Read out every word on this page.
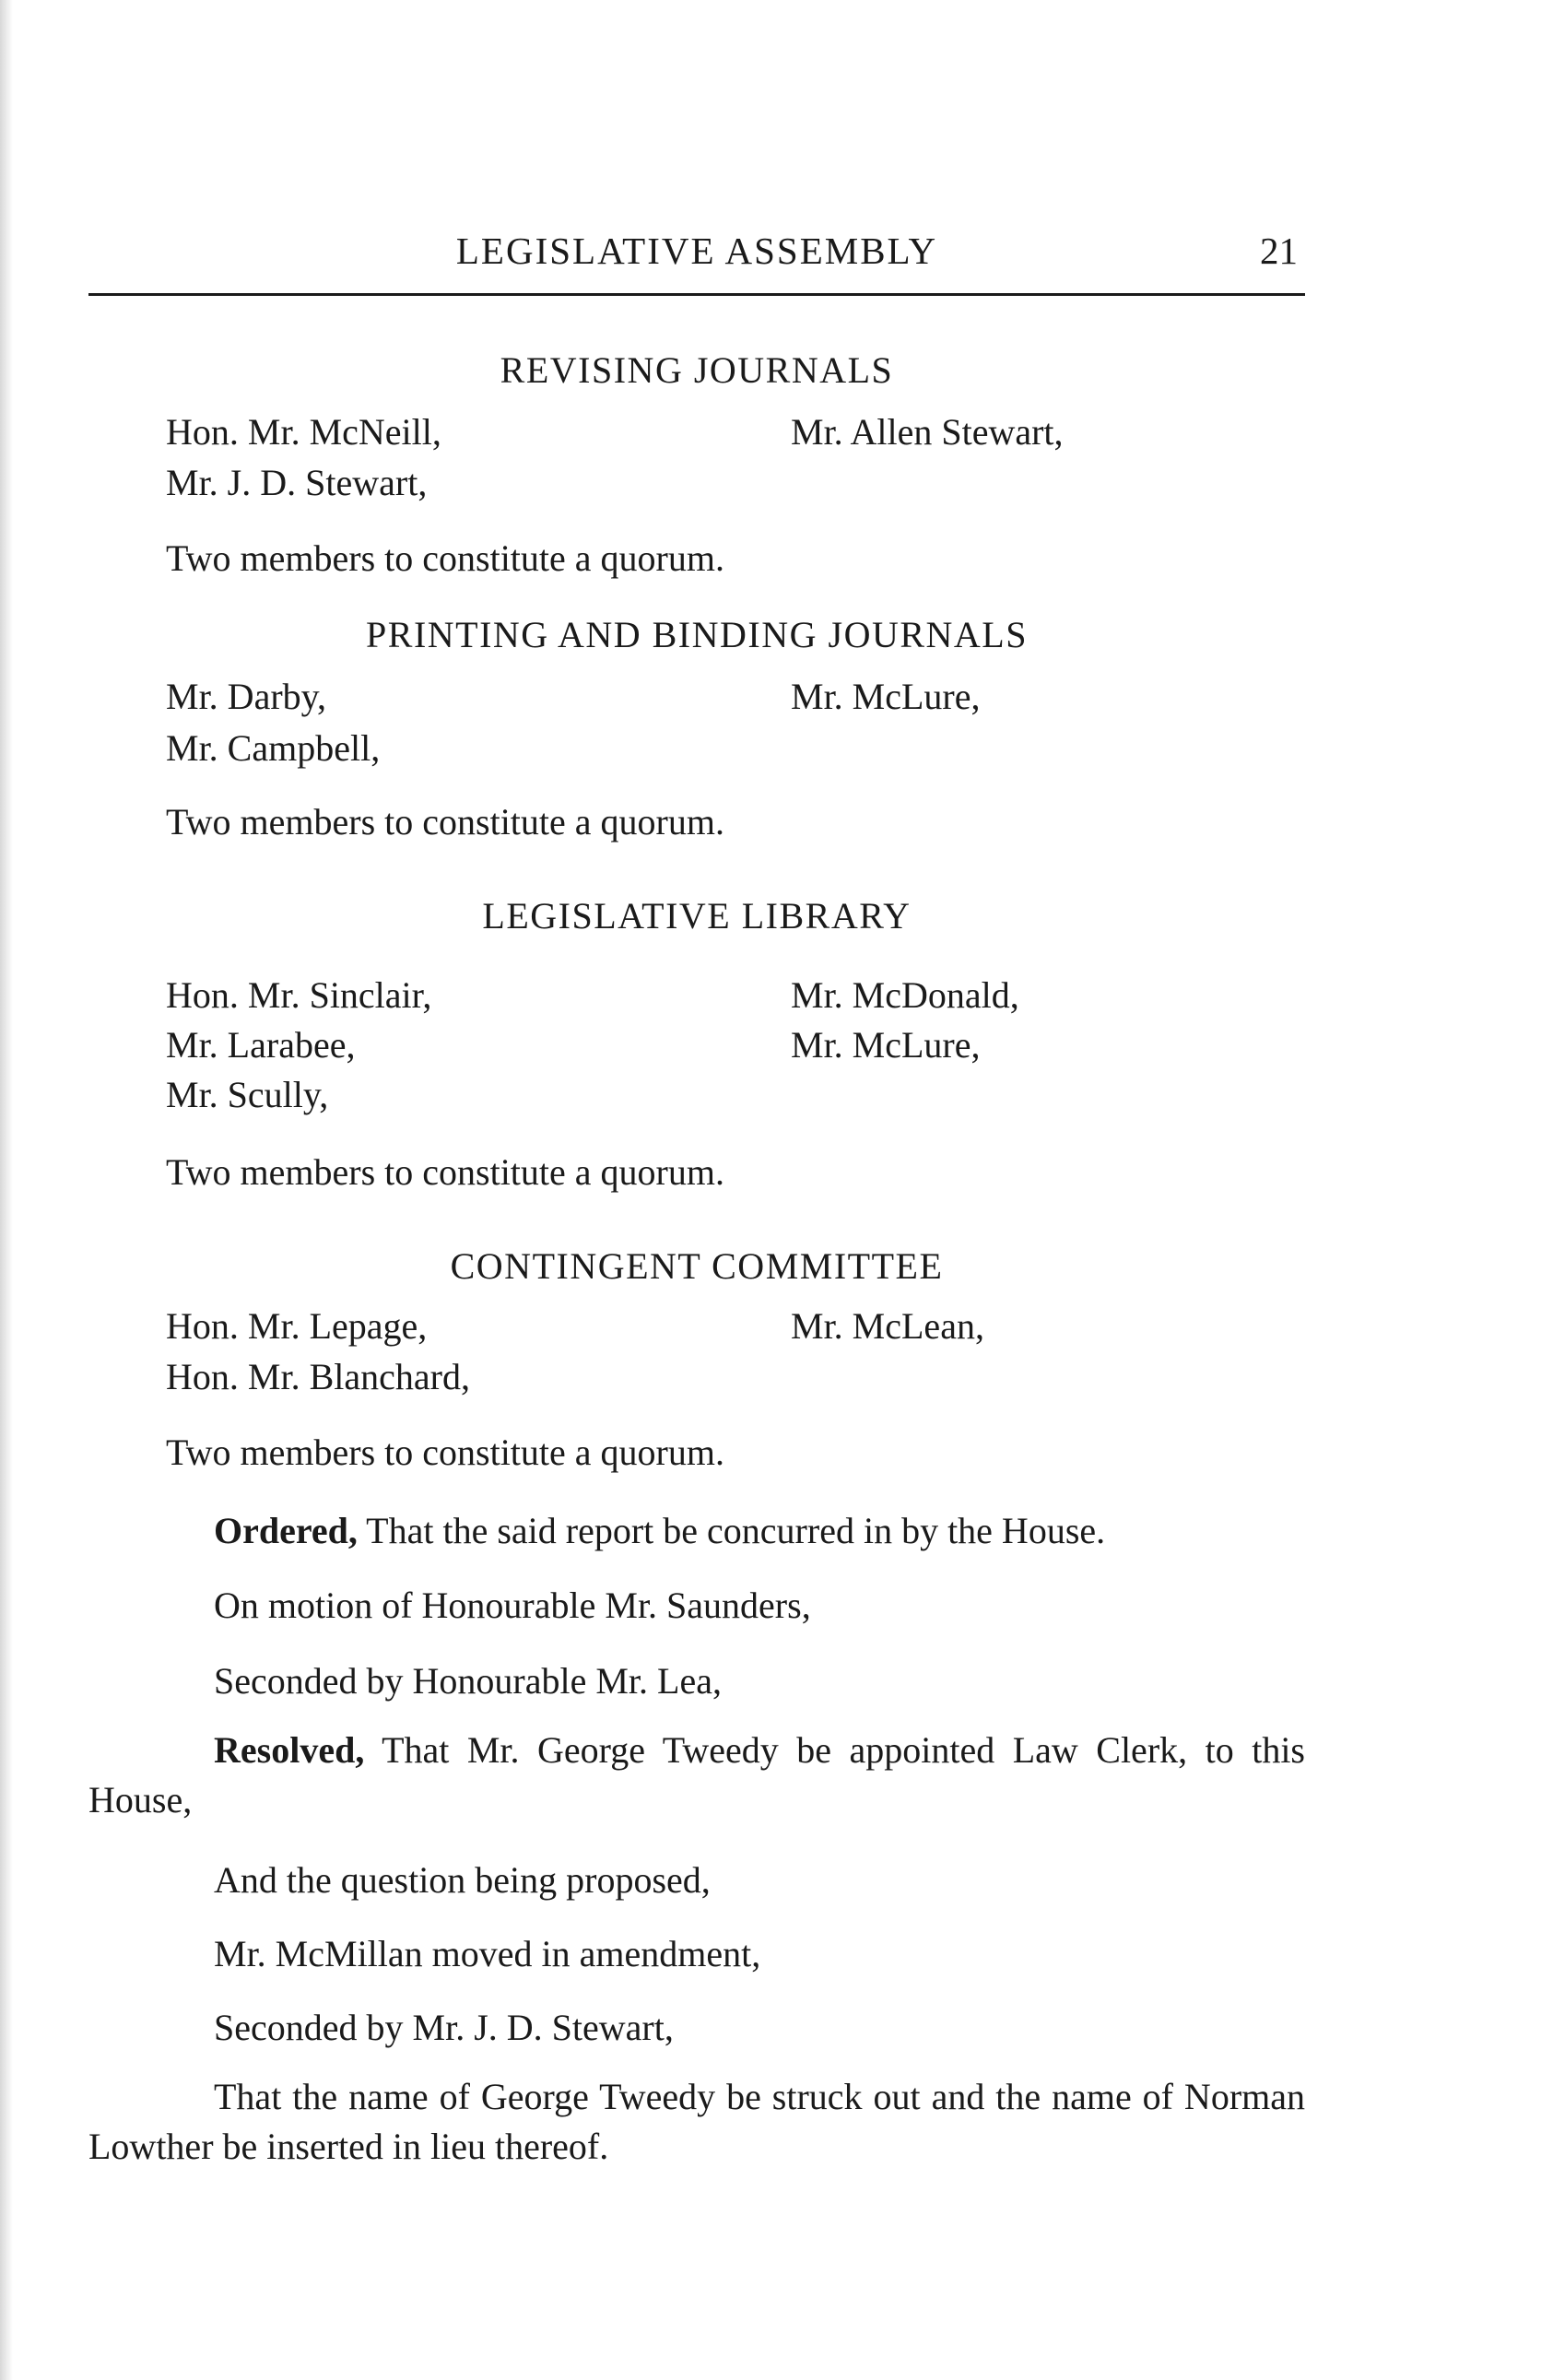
LEGISLATIVE ASSEMBLY	21
REVISING JOURNALS
Hon. Mr. McNeill,	Mr. Allen Stewart,
Mr. J. D. Stewart,
Two members to constitute a quorum.
PRINTING AND BINDING JOURNALS
Mr. Darby,	Mr. McLure,
Mr. Campbell,
Two members to constitute a quorum.
LEGISLATIVE LIBRARY
Hon. Mr. Sinclair,	Mr. McDonald,
Mr. Larabee,	Mr. McLure,
Mr. Scully,
Two members to constitute a quorum.
CONTINGENT COMMITTEE
Hon. Mr. Lepage,	Mr. McLean,
Hon. Mr. Blanchard,
Two members to constitute a quorum.
Ordered, That the said report be concurred in by the House.
On motion of Honourable Mr. Saunders,
Seconded by Honourable Mr. Lea,
Resolved, That Mr. George Tweedy be appointed Law Clerk, to this House,
And the question being proposed,
Mr. McMillan moved in amendment,
Seconded by Mr. J. D. Stewart,
That the name of George Tweedy be struck out and the name of Norman Lowther be inserted in lieu thereof.
